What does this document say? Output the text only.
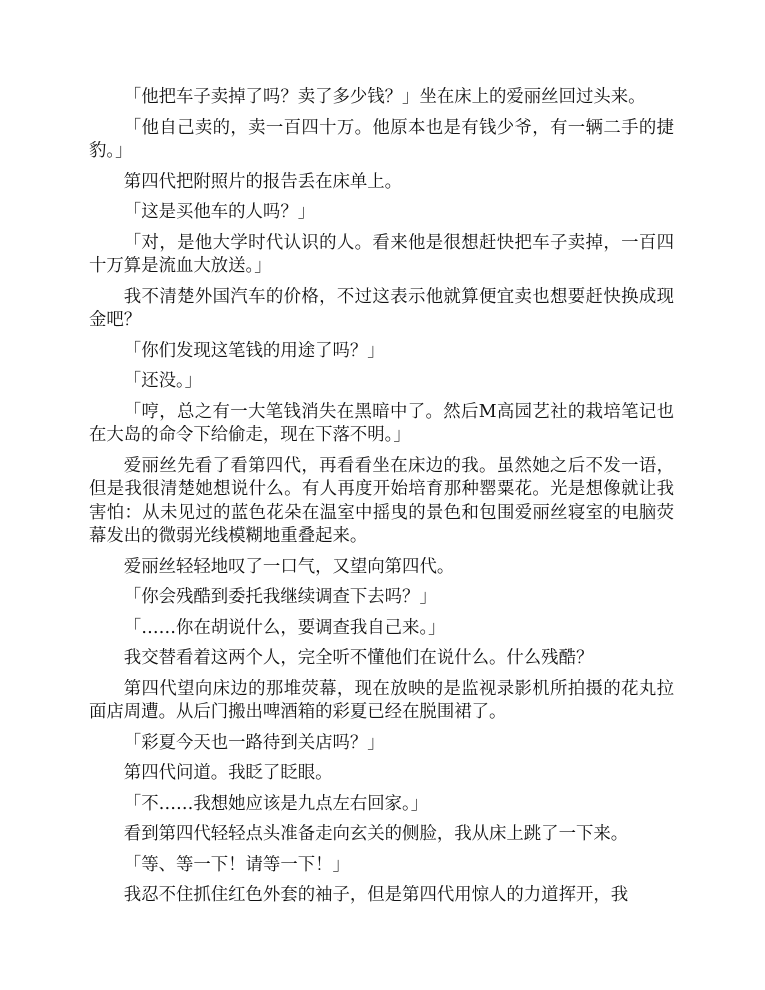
「他把车子卖掉了吗？卖了多少钱？」坐在床上的爱丽丝回过头来。

「他自己卖的，卖一百四十万。他原本也是有钱少爷，有一辆二手的捷豹。」

第四代把附照片的报告丢在床单上。

「这是买他车的人吗？」

「对，是他大学时代认识的人。看来他是很想赶快把车子卖掉，一百四十万算是流血大放送。」

我不清楚外国汽车的价格，不过这表示他就算便宜卖也想要赶快换成现金吧？

「你们发现这笔钱的用途了吗？」

「还没。」

「哼，总之有一大笔钱消失在黑暗中了。然后M高园艺社的栽培笔记也在大岛的命令下给偷走，现在下落不明。」

爱丽丝先看了看第四代，再看看坐在床边的我。虽然她之后不发一语，但是我很清楚她想说什么。有人再度开始培育那种罂粟花。光是想像就让我害怕：从未见过的蓝色花朵在温室中摇曳的景色和包围爱丽丝寝室的电脑荧幕发出的微弱光线模糊地重叠起来。

爱丽丝轻轻地叹了一口气，又望向第四代。

「你会残酷到委托我继续调查下去吗？」

「……你在胡说什么，要调查我自己来。」

我交替看着这两个人，完全听不懂他们在说什么。什么残酷？

第四代望向床边的那堆荧幕，现在放映的是监视录影机所拍摄的花丸拉面店周遭。从后门搬出啤酒箱的彩夏已经在脱围裙了。

「彩夏今天也一路待到关店吗？」

第四代问道。我眨了眨眼。

「不……我想她应该是九点左右回家。」

看到第四代轻轻点头准备走向玄关的侧脸，我从床上跳了一下来。

「等、等一下！请等一下！」

我忍不住抓住红色外套的袖子，但是第四代用惊人的力道挥开，我
